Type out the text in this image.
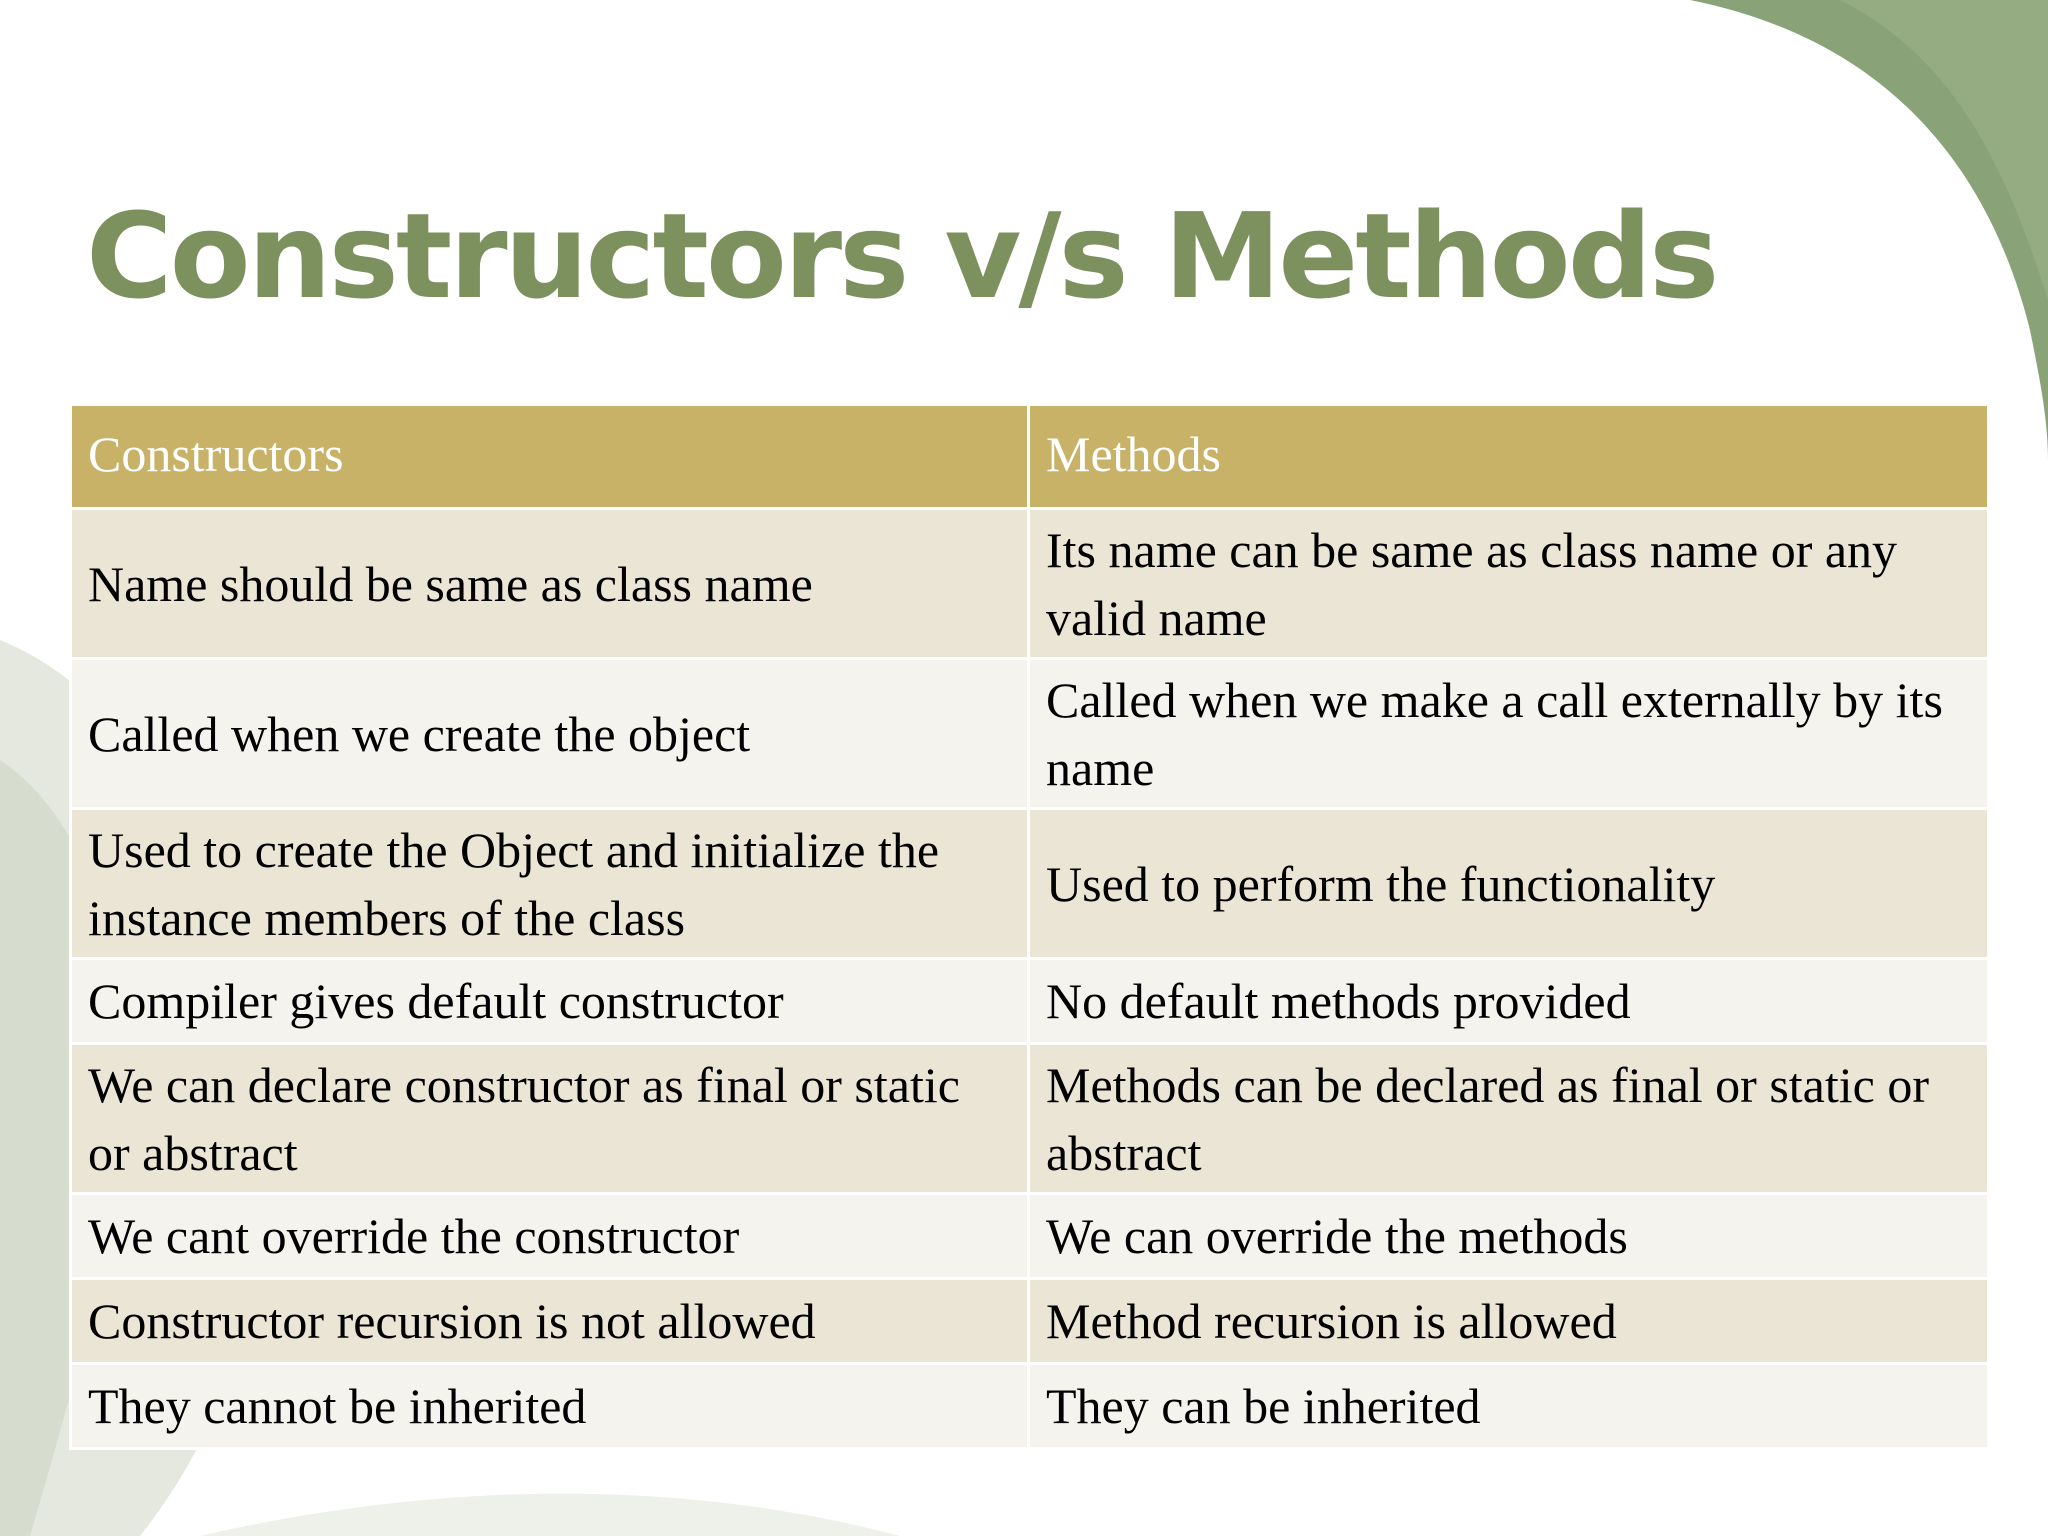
Constructors v/s Methods
Constructors	Methods
Name should be same as class name	Its name can be same as class name or any valid name
Called when we create the object	Called when we make a call externally by its name
Used to create the Object and initialize the instance members of the class	Used to perform the functionality
Compiler gives default constructor	No default methods provided
We can declare constructor as final or static or abstract	Methods can be declared as final or static or abstract
We cant override the constructor	We can override the methods
Constructor recursion is not allowed	Method recursion is allowed
They cannot be inherited	They can be inherited
